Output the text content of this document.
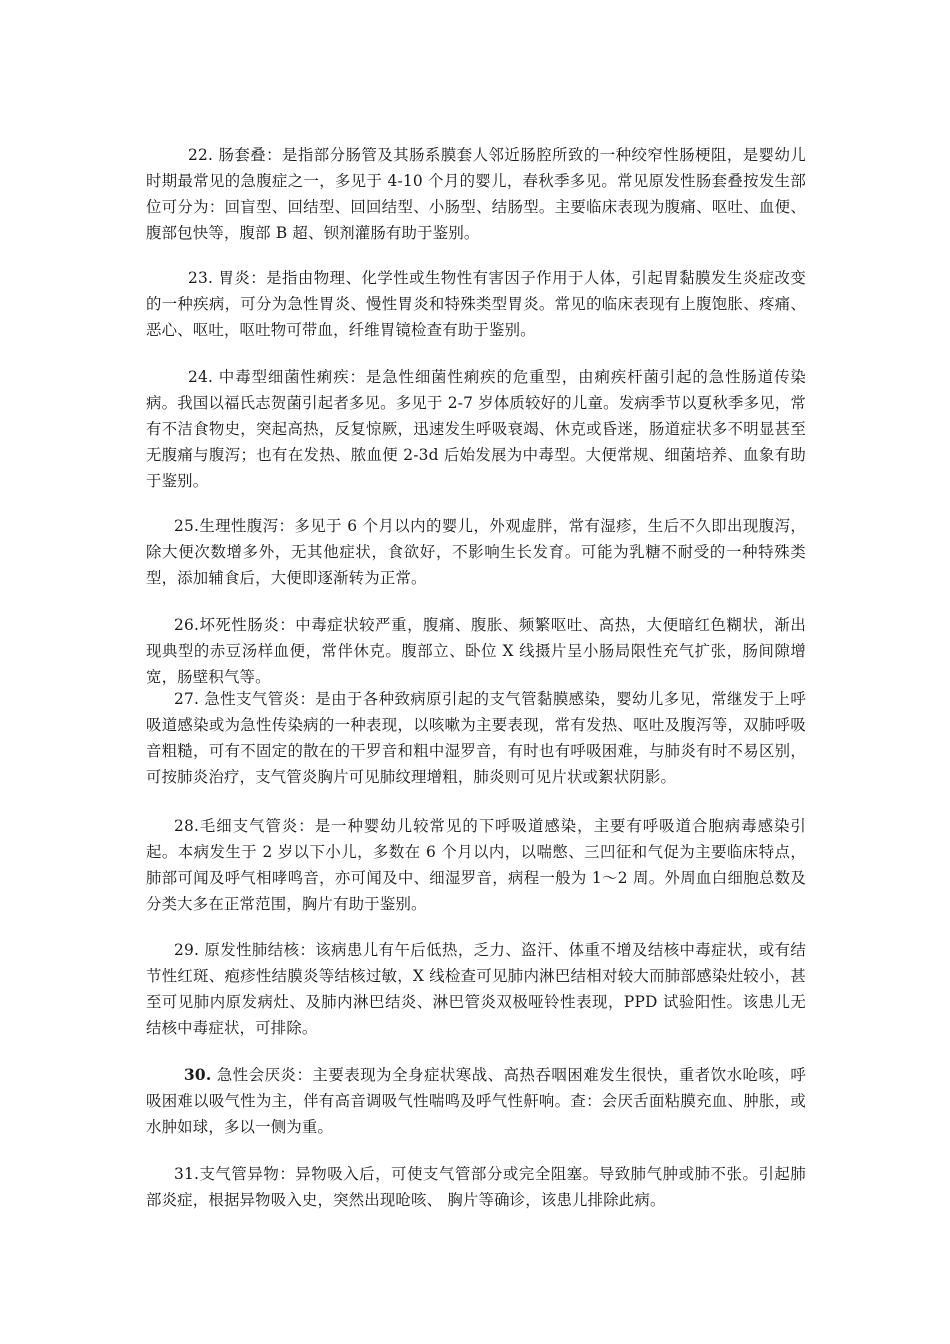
22. 肠套叠：是指部分肠管及其肠系膜套人邻近肠腔所致的一种绞窄性肠梗阻，是婴幼儿时期最常见的急腹症之一，多见于 4-10 个月的婴儿，春秋季多见。常见原发性肠套叠按发生部位可分为：回盲型、回结型、回回结型、小肠型、结肠型。主要临床表现为腹痛、呕吐、血便、腹部包快等，腹部 B 超、钡剂灌肠有助于鉴别。

23. 胃炎：是指由物理、化学性或生物性有害因子作用于人体，引起胃黏膜发生炎症改变的一种疾病，可分为急性胃炎、慢性胃炎和特殊类型胃炎。常见的临床表现有上腹饱胀、疼痛、恶心、呕吐，呕吐物可带血，纤维胃镜检查有助于鉴别。

24. 中毒型细菌性痢疾：是急性细菌性痢疾的危重型，由痢疾杆菌引起的急性肠道传染病。我国以福氏志贺菌引起者多见。多见于 2-7 岁体质较好的儿童。发病季节以夏秋季多见，常有不洁食物史，突起高热，反复惊厥，迅速发生呼吸衰竭、休克或昏迷，肠道症状多不明显甚至无腹痛与腹泻；也有在发热、脓血便 2-3d 后始发展为中毒型。大便常规、细菌培养、血象有助于鉴别。

25.生理性腹泻：多见于 6 个月以内的婴儿，外观虚胖，常有湿疹，生后不久即出现腹泻，除大便次数增多外，无其他症状，食欲好，不影响生长发育。可能为乳糖不耐受的一种特殊类型，添加辅食后，大便即逐渐转为正常。

26.坏死性肠炎：中毒症状较严重，腹痛、腹胀、频繁呕吐、高热，大便暗红色糊状，渐出现典型的赤豆汤样血便，常伴休克。腹部立、卧位 X 线摄片呈小肠局限性充气扩张，肠间隙增宽，肠壁积气等。

27. 急性支气管炎：是由于各种致病原引起的支气管黏膜感染，婴幼儿多见，常继发于上呼吸道感染或为急性传染病的一种表现，以咳嗽为主要表现，常有发热、呕吐及腹泻等，双肺呼吸音粗糙，可有不固定的散在的干罗音和粗中湿罗音，有时也有呼吸困难，与肺炎有时不易区别，可按肺炎治疗，支气管炎胸片可见肺纹理增粗，肺炎则可见片状或絮状阴影。

28.毛细支气管炎：是一种婴幼儿较常见的下呼吸道感染，主要有呼吸道合胞病毒感染引起。本病发生于 2 岁以下小儿，多数在 6 个月以内，以喘憋、三凹征和气促为主要临床特点，肺部可闻及呼气相哮鸣音，亦可闻及中、细湿罗音，病程一般为 1～2 周。外周血白细胞总数及分类大多在正常范围，胸片有助于鉴别。

29. 原发性肺结核：该病患儿有午后低热，乏力、盗汗、体重不增及结核中毒症状，或有结节性红斑、疱疹性结膜炎等结核过敏，X 线检查可见肺内淋巴结相对较大而肺部感染灶较小，甚至可见肺内原发病灶、及肺内淋巴结炎、淋巴管炎双极哑铃性表现，PPD 试验阳性。该患儿无结核中毒症状，可排除。

30. 急性会厌炎：主要表现为全身症状寒战、高热吞咽困难发生很快，重者饮水呛咳，呼吸困难以吸气性为主，伴有高音调吸气性喘鸣及呼气性鼾响。查：会厌舌面粘膜充血、肿胀，或水肿如球，多以一侧为重。

31.支气管异物：异物吸入后，可使支气管部分或完全阻塞。导致肺气肿或肺不张。引起肺部炎症，根据异物吸入史，突然出现呛咳、 胸片等确诊，该患儿排除此病。
